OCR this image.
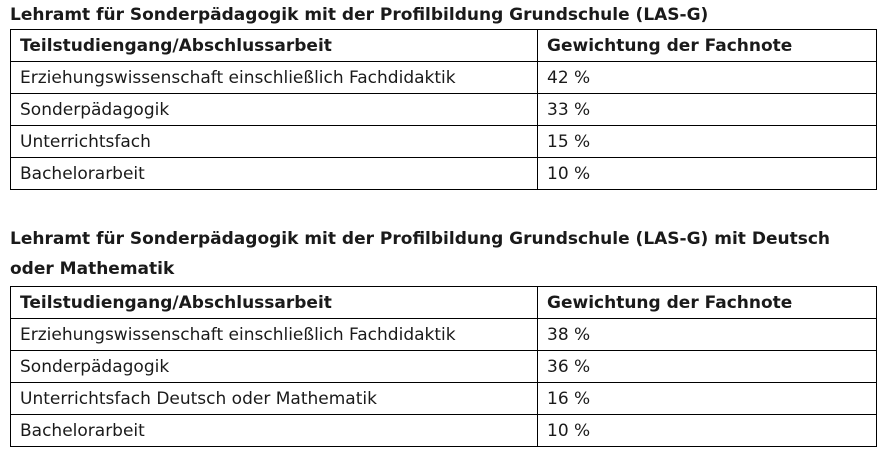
Lehramt für Sonderpädagogik mit der Profilbildung Grundschule (LAS-G)
Teilstudiengang/Abschlussarbeit	Gewichtung der Fachnote
Erziehungswissenschaft einschließlich Fachdidaktik	42 %
Sonderpädagogik	33 %
Unterrichtsfach	15 %
Bachelorarbeit	10 %
Lehramt für Sonderpädagogik mit der Profilbildung Grundschule (LAS-G) mit Deutsch oder Mathematik
Teilstudiengang/Abschlussarbeit	Gewichtung der Fachnote
Erziehungswissenschaft einschließlich Fachdidaktik	38 %
Sonderpädagogik	36 %
Unterrichtsfach Deutsch oder Mathematik	16 %
Bachelorarbeit	10 %
